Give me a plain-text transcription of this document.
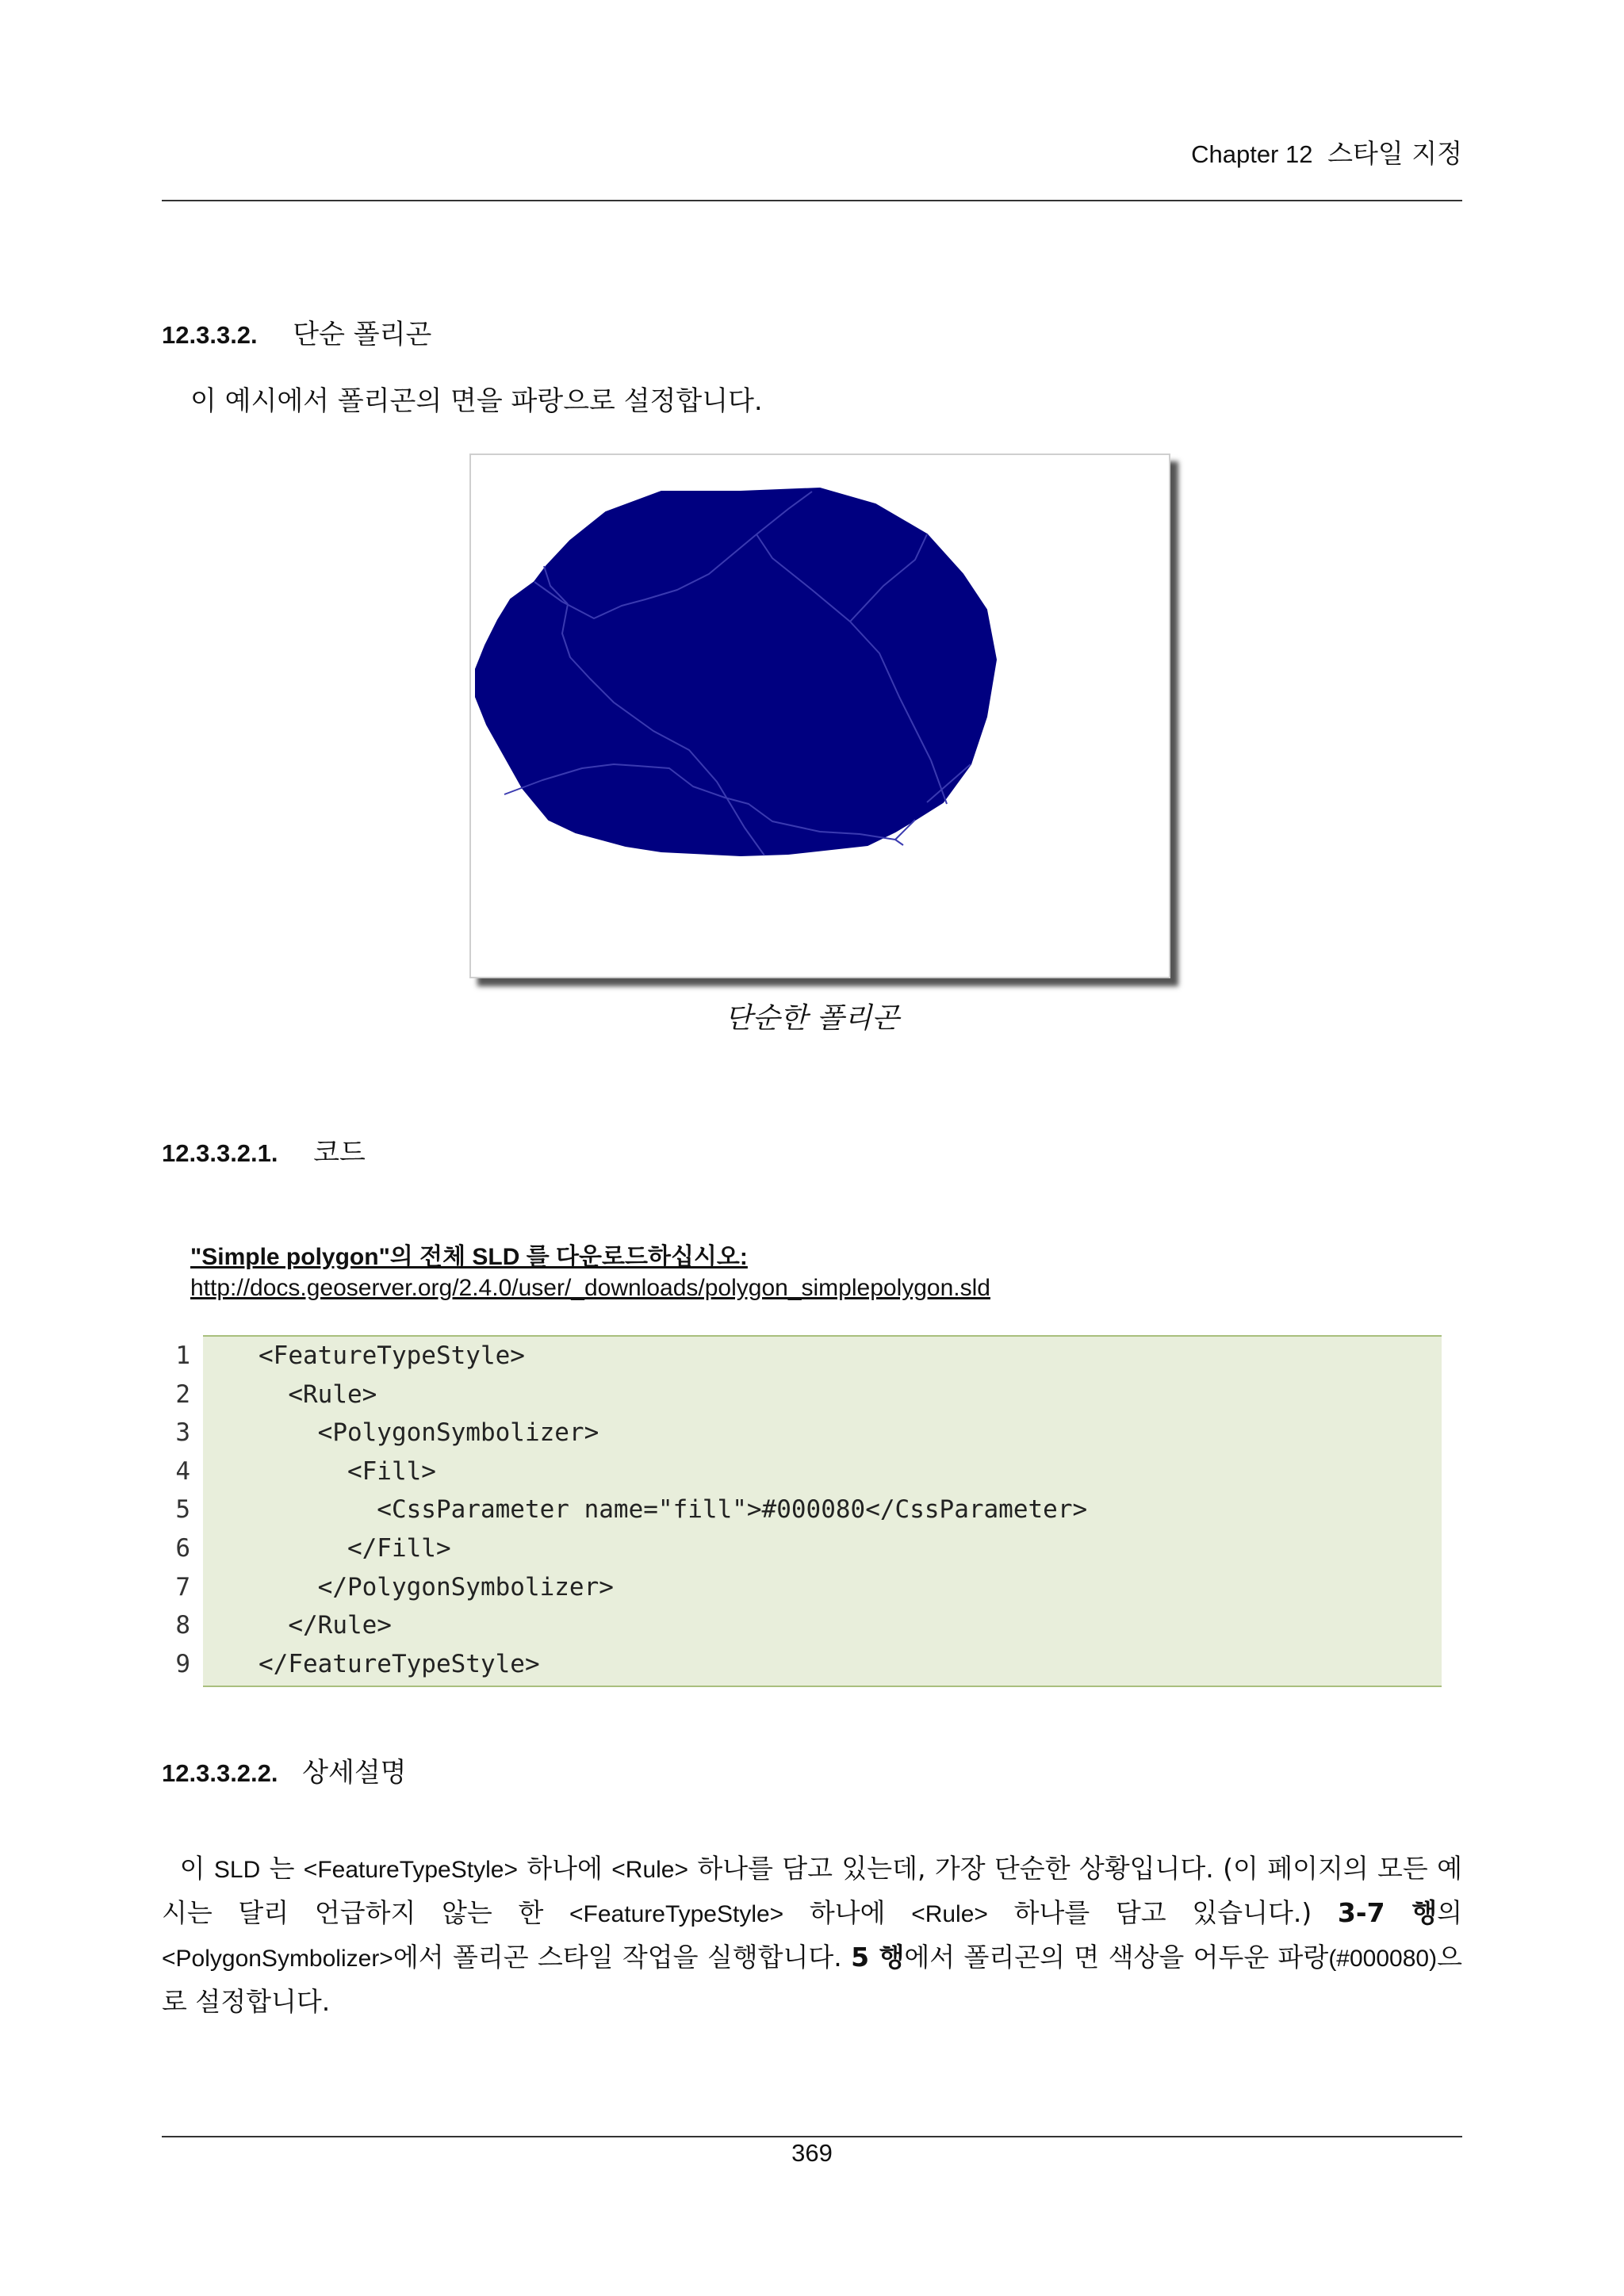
Chapter 12 스타일 지정
12.3.3.2. 단순 폴리곤
이 예시에서 폴리곤의 면을 파랑으로 설정합니다.
단순한 폴리곤
12.3.3.2.1. 코드
"Simple polygon"의 전체 SLD 를 다운로드하십시오:
http://docs.geoserver.org/2.4.0/user/_downloads/polygon_simplepolygon.sld
1	<FeatureTypeStyle>
2	<Rule>
3	<PolygonSymbolizer>
4	<Fill>
5	<CssParameter name="fill">#000080</CssParameter>
6	</Fill>
7	</PolygonSymbolizer>
8	</Rule>
9	</FeatureTypeStyle>
12.3.3.2.2. 상세설명
이 SLD 는 <FeatureTypeStyle> 하나에 <Rule> 하나를 담고 있는데, 가장 단순한 상황입니다. (이 페이지의 모든 예시는 달리 언급하지 않는 한 <FeatureTypeStyle> 하나에 <Rule> 하나를 담고 있습니다.) 3-7 행의 <PolygonSymbolizer>에서 폴리곤 스타일 작업을 실행합니다. 5 행에서 폴리곤의 면 색상을 어두운 파랑(#000080)으로 설정합니다.
369
